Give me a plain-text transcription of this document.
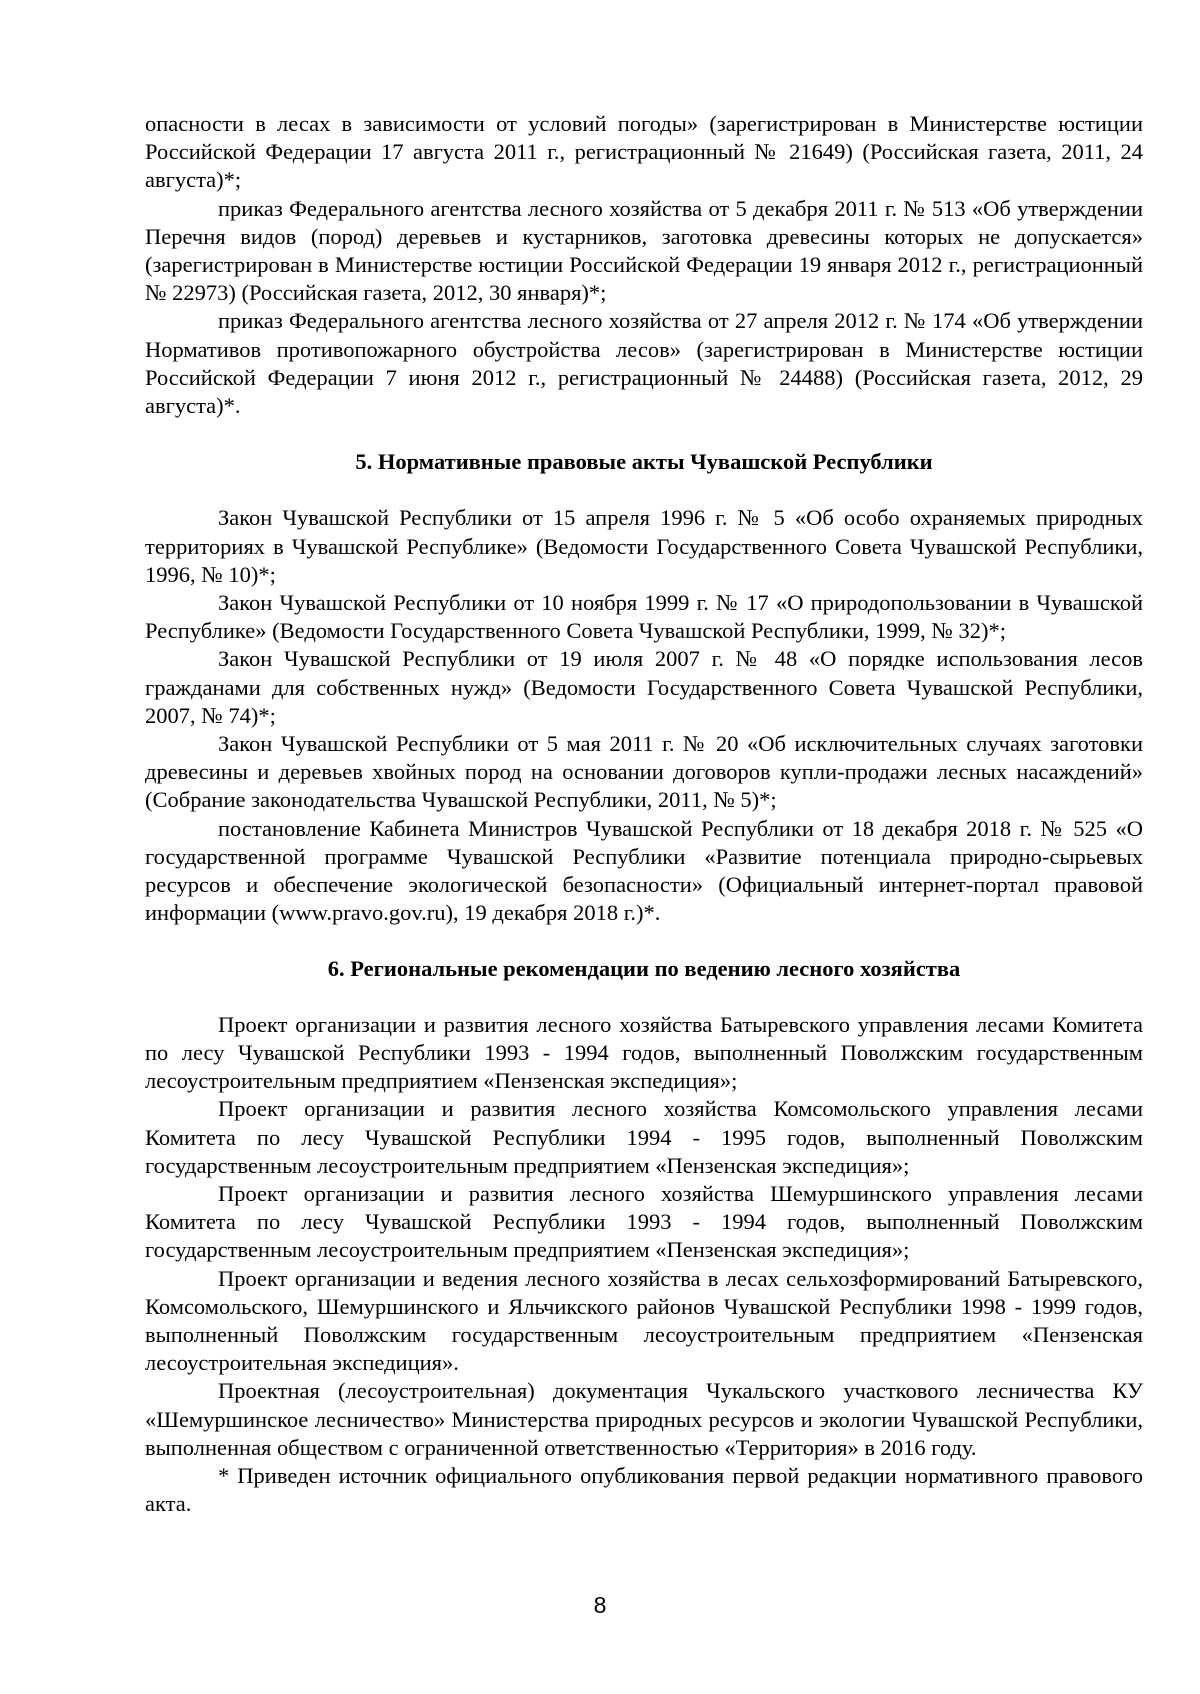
опасности в лесах в зависимости от условий погоды» (зарегистрирован в Министерстве юстиции Российской Федерации 17 августа 2011 г., регистрационный № 21649) (Российская газета, 2011, 24 августа)*;

приказ Федерального агентства лесного хозяйства от 5 декабря 2011 г. № 513 «Об утверждении Перечня видов (пород) деревьев и кустарников, заготовка древесины которых не допускается» (зарегистрирован в Министерстве юстиции Российской Федерации 19 января 2012 г., регистрационный № 22973) (Российская газета, 2012, 30 января)*;

приказ Федерального агентства лесного хозяйства от 27 апреля 2012 г. № 174 «Об утверждении Нормативов противопожарного обустройства лесов» (зарегистрирован в Министерстве юстиции Российской Федерации 7 июня 2012 г., регистрационный № 24488) (Российская газета, 2012, 29 августа)*.

5. Нормативные правовые акты Чувашской Республики

Закон Чувашской Республики от 15 апреля 1996 г. № 5 «Об особо охраняемых природных территориях в Чувашской Республике» (Ведомости Государственного Совета Чувашской Республики, 1996, № 10)*;

Закон Чувашской Республики от 10 ноября 1999 г. № 17 «О природопользовании в Чувашской Республике» (Ведомости Государственного Совета Чувашской Республики, 1999, № 32)*;

Закон Чувашской Республики от 19 июля 2007 г. № 48 «О порядке использования лесов гражданами для собственных нужд» (Ведомости Государственного Совета Чувашской Республики, 2007, № 74)*;

Закон Чувашской Республики от 5 мая 2011 г. № 20 «Об исключительных случаях заготовки древесины и деревьев хвойных пород на основании договоров купли-продажи лесных насаждений» (Собрание законодательства Чувашской Республики, 2011, № 5)*;

постановление Кабинета Министров Чувашской Республики от 18 декабря 2018 г. № 525 «О государственной программе Чувашской Республики «Развитие потенциала природно-сырьевых ресурсов и обеспечение экологической безопасности» (Официальный интернет-портал правовой информации (www.pravo.gov.ru), 19 декабря 2018 г.)*.

6. Региональные рекомендации по ведению лесного хозяйства

Проект организации и развития лесного хозяйства Батыревского управления лесами Комитета по лесу Чувашской Республики 1993 - 1994 годов, выполненный Поволжским государственным лесоустроительным предприятием «Пензенская экспедиция»;

Проект организации и развития лесного хозяйства Комсомольского управления лесами Комитета по лесу Чувашской Республики 1994 - 1995 годов, выполненный Поволжским государственным лесоустроительным предприятием «Пензенская экспедиция»;

Проект организации и развития лесного хозяйства Шемуршинского управления лесами Комитета по лесу Чувашской Республики 1993 - 1994 годов, выполненный Поволжским государственным лесоустроительным предприятием «Пензенская экспедиция»;

Проект организации и ведения лесного хозяйства в лесах сельхозформирований Батыревского, Комсомольского, Шемуршинского и Яльчикского районов Чувашской Республики 1998 - 1999 годов, выполненный Поволжским государственным лесоустроительным предприятием «Пензенская лесоустроительная экспедиция».

Проектная (лесоустроительная) документация Чукальского участкового лесничества КУ «Шемуршинское лесничество» Министерства природных ресурсов и экологии Чувашской Республики, выполненная обществом с ограниченной ответственностью «Территория» в 2016 году.

* Приведен источник официального опубликования первой редакции нормативного правового акта.

8
